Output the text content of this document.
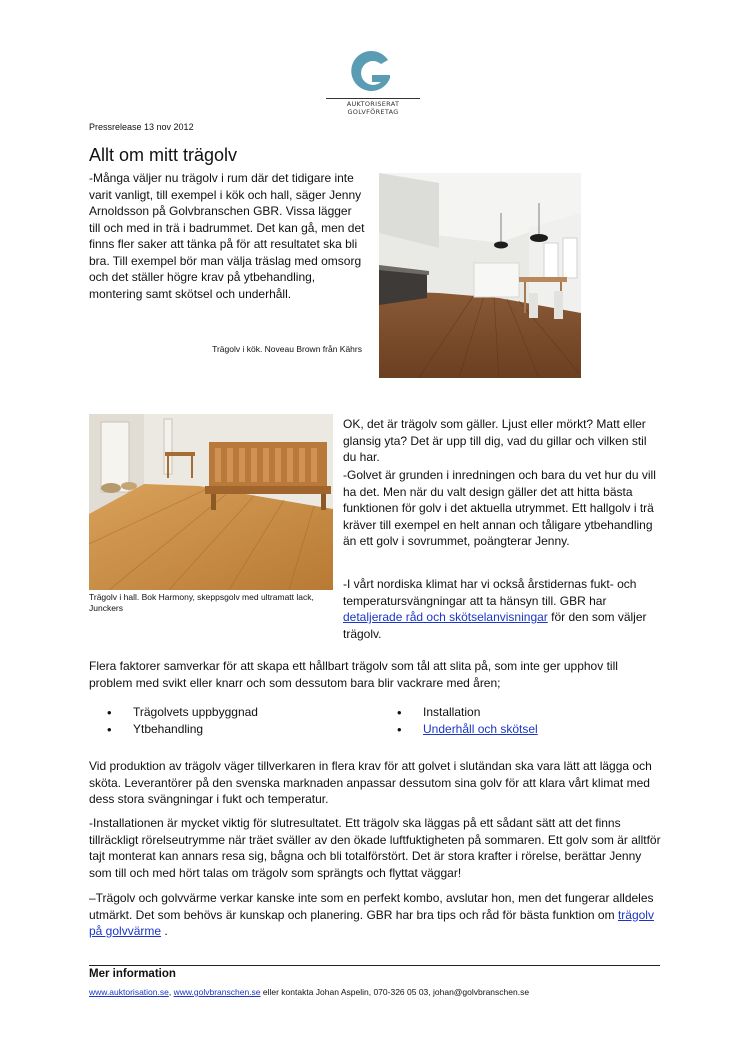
AUKTORISERAT GOLVFÖRETAG
Pressrelease 13 nov 2012
Allt om mitt trägolv

-Många väljer nu trägolv i rum där det tidigare inte varit vanligt, till exempel i kök och hall, säger Jenny Arnoldsson på Golvbranschen GBR. Vissa lägger till och med in trä i badrummet. Det kan gå, men det finns fler saker att tänka på för att resultatet ska bli bra. Till exempel bör man välja träslag med omsorg och det ställer högre krav på ytbehandling, montering samt skötsel och underhåll.

Trägolv i kök. Noveau Brown från Kährs
Trägolv i hall. Bok Harmony, skeppsgolv med ultramatt lack, Junckers

OK, det är trägolv som gäller. Ljust eller mörkt? Matt eller glansig yta? Det är upp till dig, vad du gillar och vilken stil du har.

-Golvet är grunden i inredningen och bara du vet hur du vill ha det. Men när du valt design gäller det att hitta bästa funktionen för golv i det aktuella utrymmet. Ett hallgolv i trä kräver till exempel en helt annan och tåligare ytbehandling än ett golv i sovrummet, poängterar Jenny.

-I vårt nordiska klimat har vi också årstidernas fukt- och temperatursvängningar att ta hänsyn till. GBR har detaljerade råd och skötselanvisningar för den som väljer trägolv.

Flera faktorer samverkar för att skapa ett hållbart trägolv som tål att slita på, som inte ger upphov till problem med svikt eller knarr och som dessutom bara blir vackrare med åren;

• Trägolvets uppbyggnad
• Ytbehandling
• Installation
• Underhåll och skötsel

Vid produktion av trägolv väger tillverkaren in flera krav för att golvet i slutändan ska vara lätt att lägga och sköta. Leverantörer på den svenska marknaden anpassar dessutom sina golv för att klara vårt klimat med dess stora svängningar i fukt och temperatur.

-Installationen är mycket viktig för slutresultatet. Ett trägolv ska läggas på ett sådant sätt att det finns tillräckligt rörelseutrymme när träet sväller av den ökade luftfuktigheten på sommaren. Ett golv som är alltför tajt monterat kan annars resa sig, bågna och bli totalförstört. Det är stora krafter i rörelse, berättar Jenny som till och med hört talas om trägolv som sprängts och flyttat väggar!

–Trägolv och golvvärme verkar kanske inte som en perfekt kombo, avslutar hon, men det fungerar alldeles utmärkt. Det som behövs är kunskap och planering. GBR har bra tips och råd för bästa funktion om trägolv på golvvärme .

Mer information
www.auktorisation.se, www.golvbranschen.se eller kontakta Johan Aspelin, 070-326 05 03, johan@golvbranschen.se
